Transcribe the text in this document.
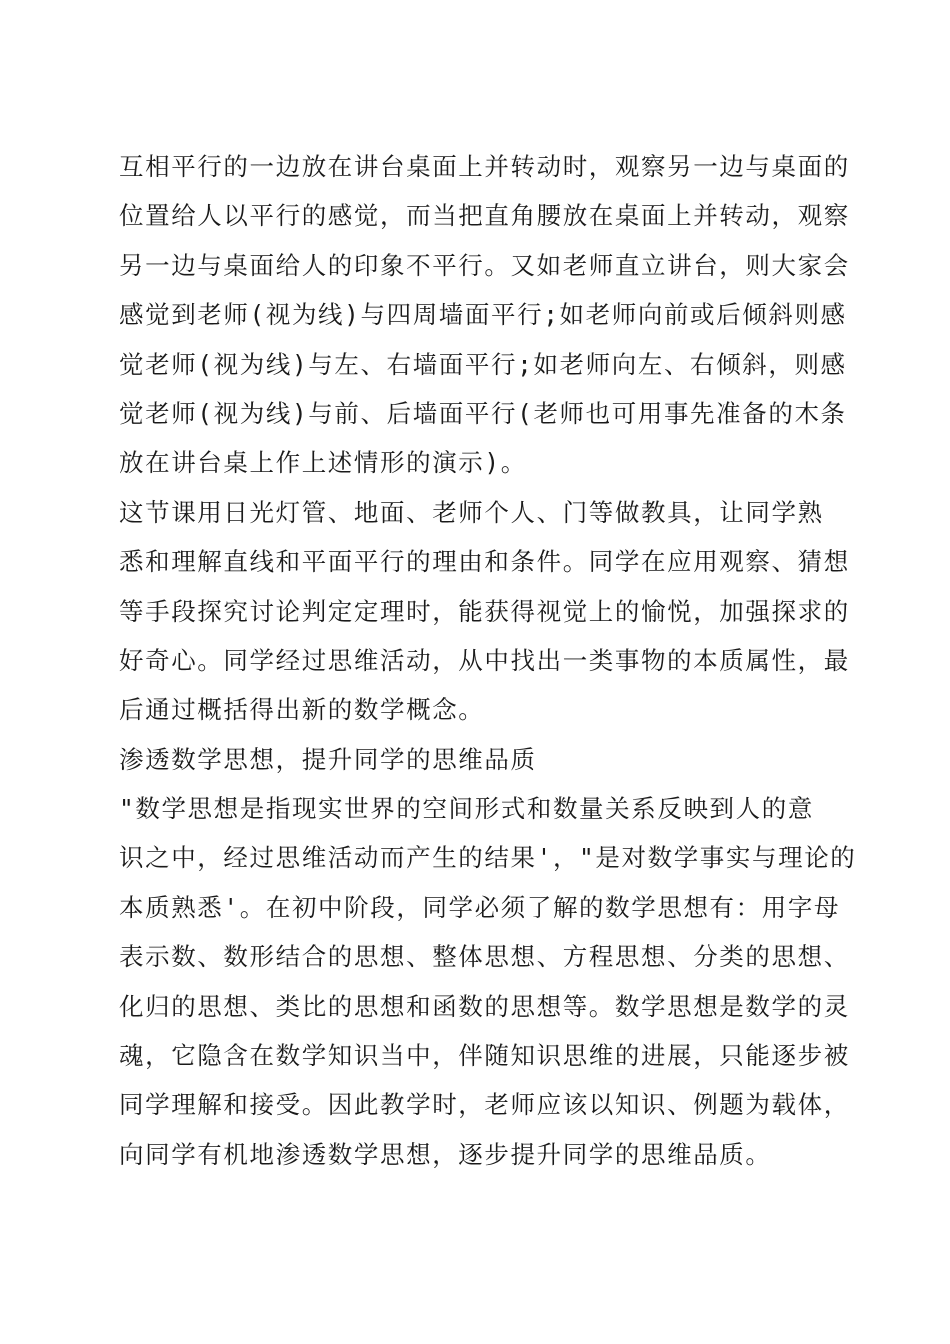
互相平行的一边放在讲台桌面上并转动时，观察另一边与桌面的
位置给人以平行的感觉，而当把直角腰放在桌面上并转动，观察
另一边与桌面给人的印象不平行。又如老师直立讲台，则大家会
感觉到老师(视为线)与四周墙面平行;如老师向前或后倾斜则感
觉老师(视为线)与左、右墙面平行;如老师向左、右倾斜，则感
觉老师(视为线)与前、后墙面平行(老师也可用事先准备的木条
放在讲台桌上作上述情形的演示)。
这节课用日光灯管、地面、老师个人、门等做教具，让同学熟
悉和理解直线和平面平行的理由和条件。同学在应用观察、猜想
等手段探究讨论判定定理时，能获得视觉上的愉悦，加强探求的
好奇心。同学经过思维活动，从中找出一类事物的本质属性，最
后通过概括得出新的数学概念。
渗透数学思想，提升同学的思维品质
"数学思想是指现实世界的空间形式和数量关系反映到人的意
识之中，经过思维活动而产生的结果'，"是对数学事实与理论的
本质熟悉'。在初中阶段，同学必须了解的数学思想有：用字母
表示数、数形结合的思想、整体思想、方程思想、分类的思想、
化归的思想、类比的思想和函数的思想等。数学思想是数学的灵
魂，它隐含在数学知识当中，伴随知识思维的进展，只能逐步被
同学理解和接受。因此教学时，老师应该以知识、例题为载体，
向同学有机地渗透数学思想，逐步提升同学的思维品质。
